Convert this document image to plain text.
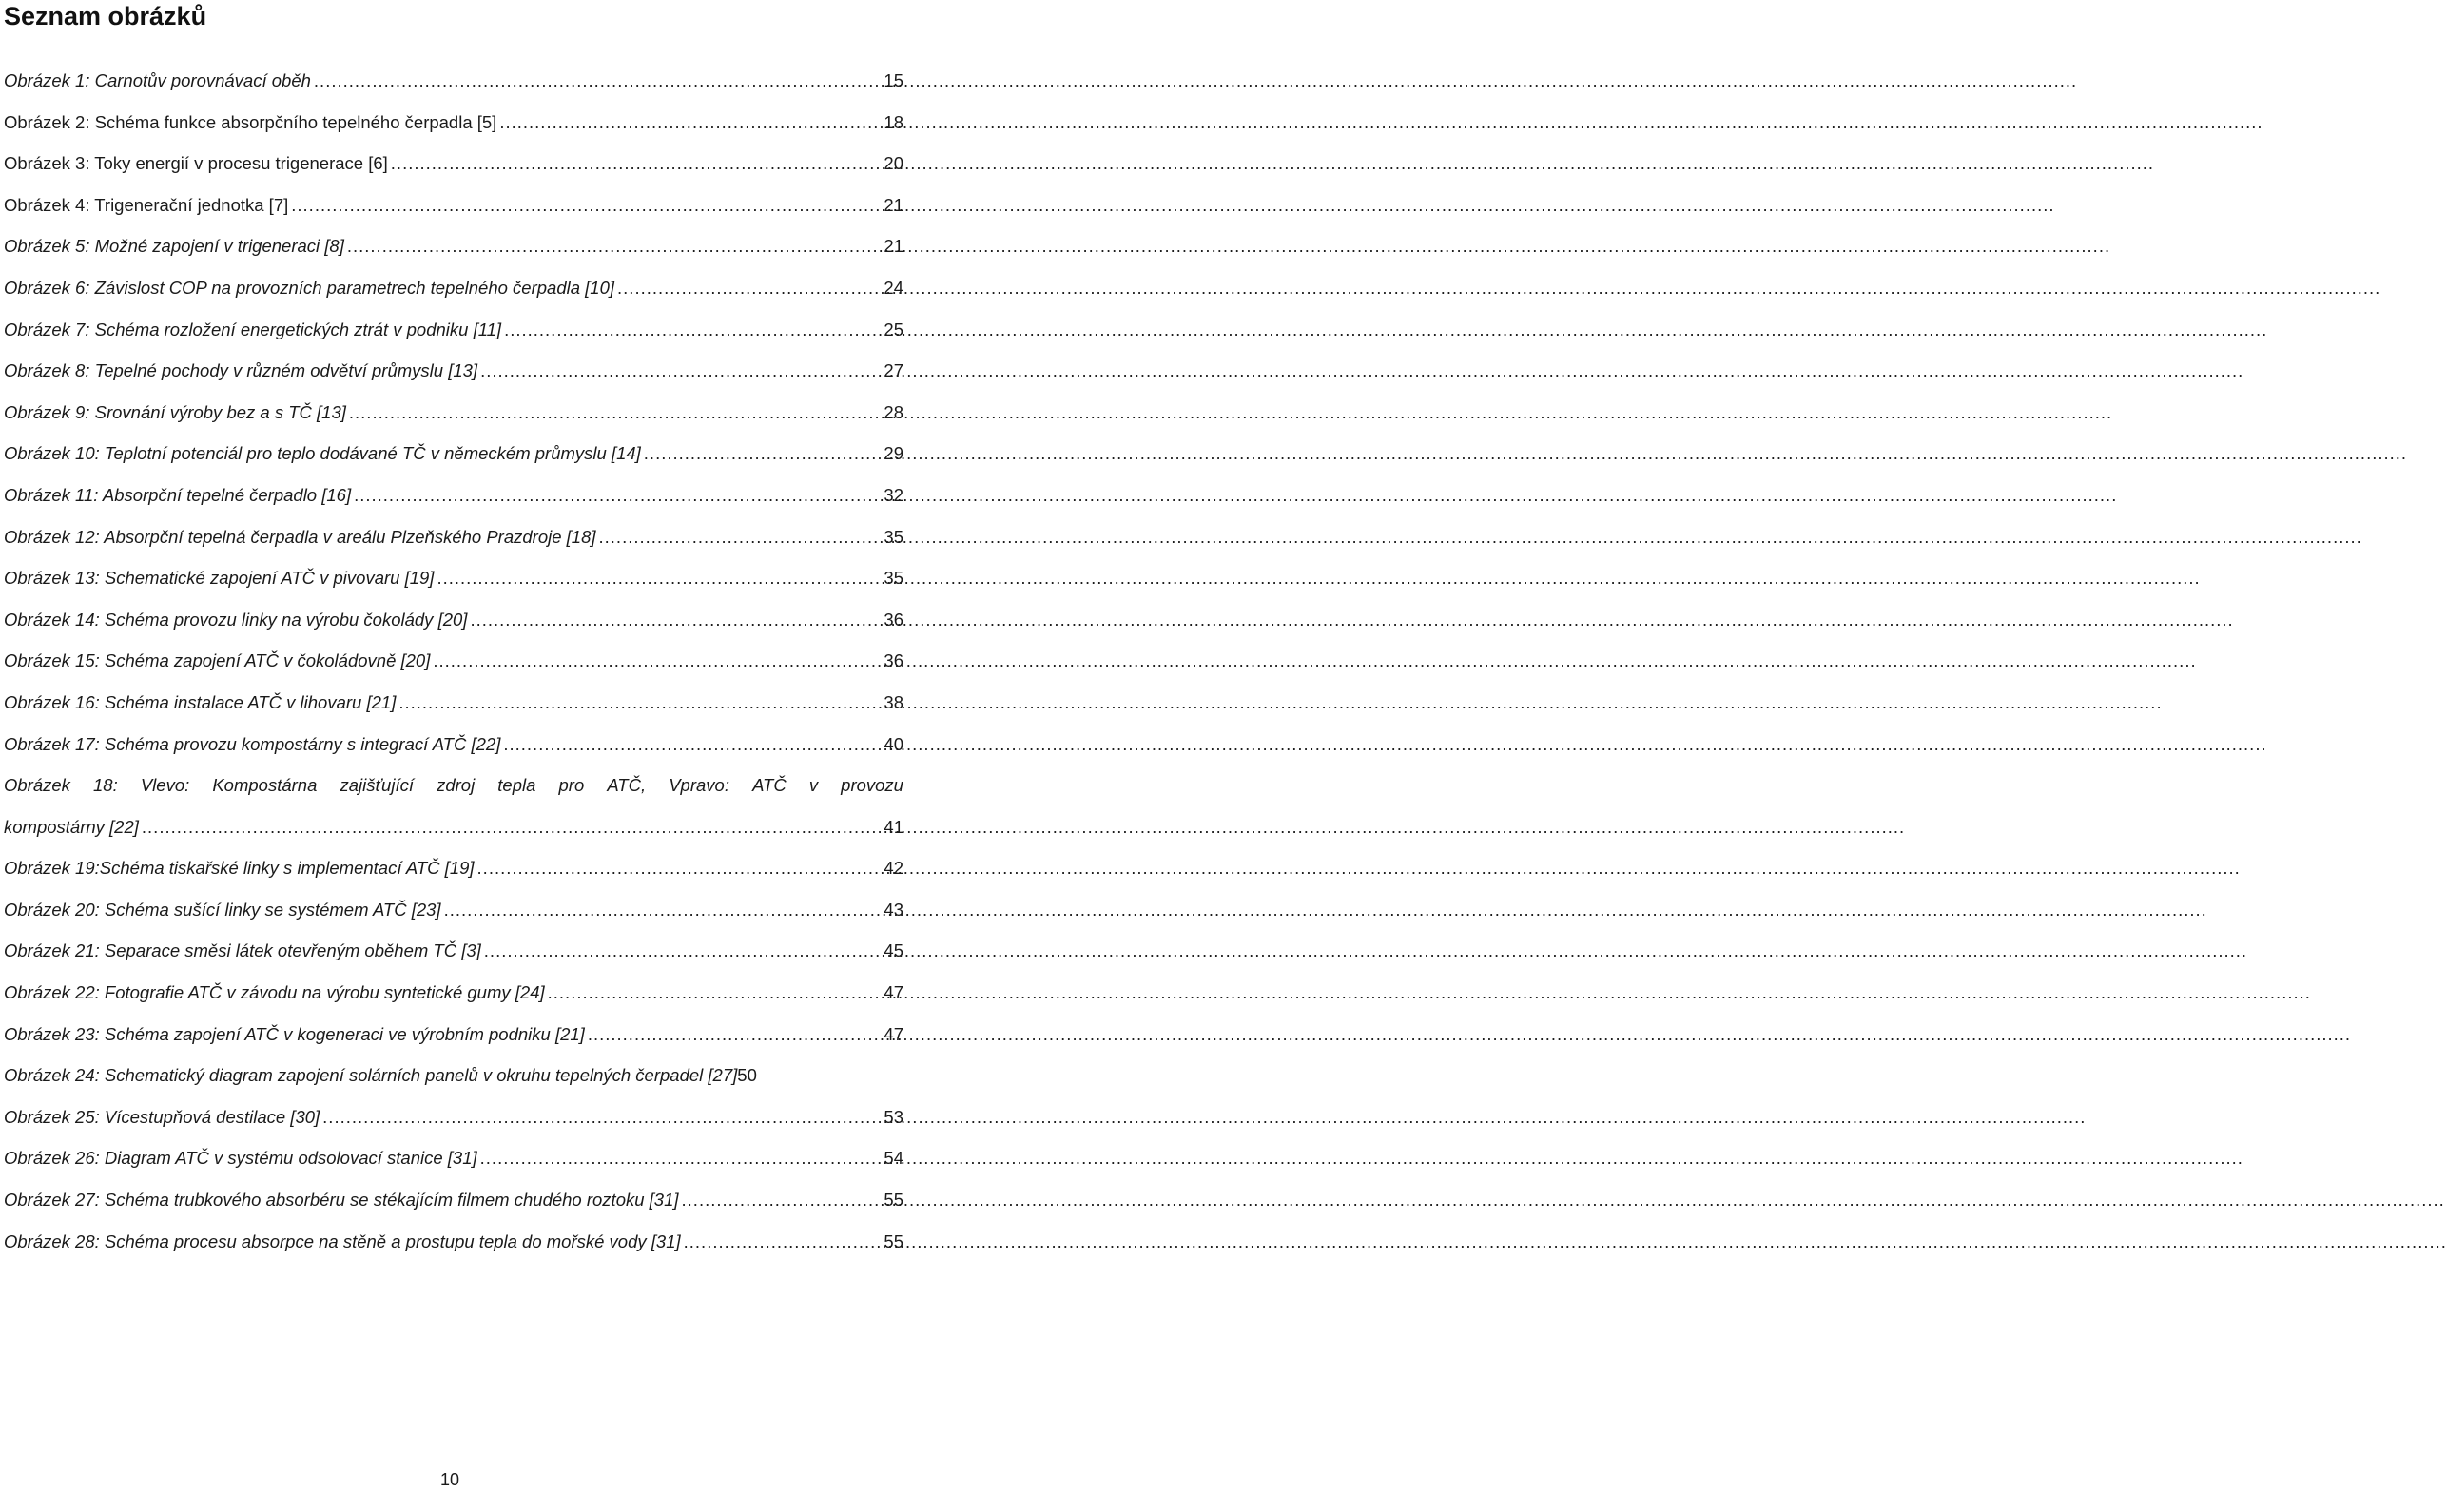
Seznam obrázků
Obrázek 1: Carnotův porovnávací oběh .....	15
Obrázek 2: Schéma funkce absorpčního tepelného čerpadla [5] .....	18
Obrázek 3: Toky energií v procesu trigenerace [6] .....	20
Obrázek 4: Trigenerační jednotka [7] .....	21
Obrázek 5: Možné zapojení v trigeneraci [8] .....	21
Obrázek 6: Závislost COP na provozních parametrech tepelného čerpadla [10] .....	24
Obrázek 7: Schéma rozložení energetických ztrát v podniku [11] .....	25
Obrázek 8: Tepelné pochody v různém odvětví průmyslu [13] .....	27
Obrázek 9: Srovnání výroby bez a s TČ [13] .....	28
Obrázek 10: Teplotní potenciál pro teplo dodávané TČ v německém průmyslu [14] .....	29
Obrázek 11: Absorpční tepelné čerpadlo [16] .....	32
Obrázek 12: Absorpční tepelná čerpadla v areálu Plzeňského Prazdroje [18] .....	35
Obrázek 13: Schematické zapojení ATČ v pivovaru [19] .....	35
Obrázek 14: Schéma provozu linky na výrobu čokolády [20] .....	36
Obrázek 15: Schéma zapojení ATČ v čokoládovně [20] .....	36
Obrázek 16: Schéma instalace ATČ v lihovaru [21] .....	38
Obrázek 17: Schéma provozu kompostárny s integrací ATČ [22] .....	40
Obrázek 18: Vlevo: Kompostárna zajišťující zdroj tepla pro ATČ, Vpravo: ATČ v provozu
kompostárny [22] .....	41
Obrázek 19:Schéma tiskařské linky s implementací ATČ [19] .....	42
Obrázek 20: Schéma sušící linky se systémem ATČ [23] .....	43
Obrázek 21: Separace směsi látek otevřeným oběhem TČ [3] .....	45
Obrázek 22: Fotografie ATČ v závodu na výrobu syntetické gumy [24] .....	47
Obrázek 23: Schéma zapojení ATČ v kogeneraci ve výrobním podniku [21] .....	47
Obrázek 24: Schematický diagram zapojení solárních panelů v okruhu tepelných čerpadel [27] 50
Obrázek 25: Vícestupňová destilace [30] .....	53
Obrázek 26: Diagram ATČ v systému odsolovací stanice [31] .....	54
Obrázek 27: Schéma trubkového absorbéru se stékajícím filmem chudého roztoku [31] .....	55
Obrázek 28: Schéma procesu absorpce na stěně a prostupu tepla do mořské vody [31] .....	55
10
